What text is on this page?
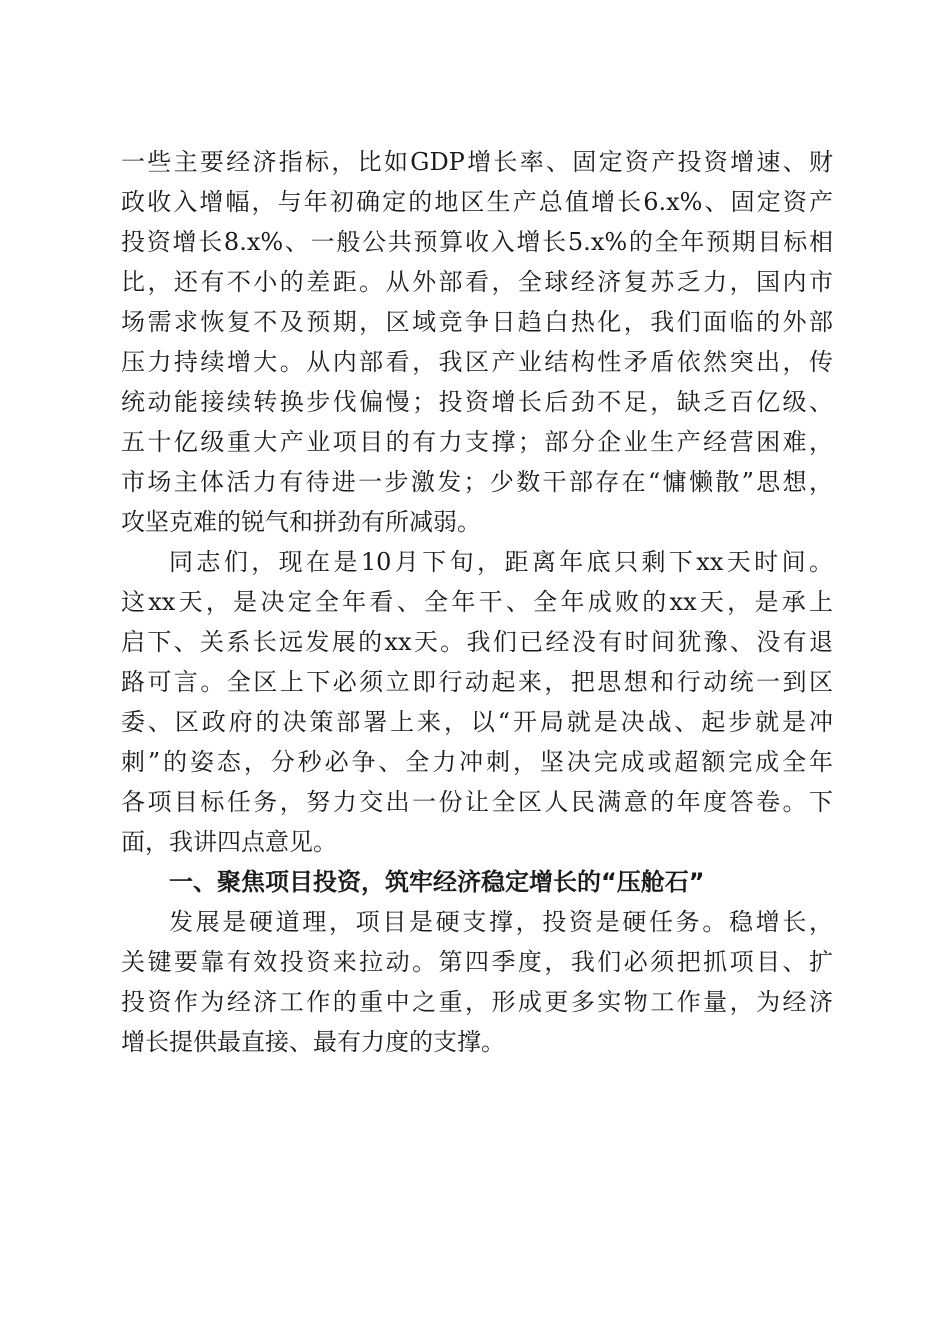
一些主要经济指标，比如GDP增长率、固定资产投资增速、财
政收入增幅，与年初确定的地区生产总值增长6.x%、固定资产
投资增长8.x%、一般公共预算收入增长5.x%的全年预期目标相
比，还有不小的差距。从外部看，全球经济复苏乏力，国内市
场需求恢复不及预期，区域竞争日趋白热化，我们面临的外部
压力持续增大。从内部看，我区产业结构性矛盾依然突出，传
统动能接续转换步伐偏慢；投资增长后劲不足，缺乏百亿级、
五十亿级重大产业项目的有力支撑；部分企业生产经营困难，
市场主体活力有待进一步激发；少数干部存在“慵懒散”思想，
攻坚克难的锐气和拼劲有所减弱。
同志们，现在是10月下旬，距离年底只剩下xx天时间。
这xx天，是决定全年看、全年干、全年成败的xx天，是承上
启下、关系长远发展的xx天。我们已经没有时间犹豫、没有退
路可言。全区上下必须立即行动起来，把思想和行动统一到区
委、区政府的决策部署上来，以“开局就是决战、起步就是冲
刺”的姿态，分秒必争、全力冲刺，坚决完成或超额完成全年
各项目标任务，努力交出一份让全区人民满意的年度答卷。下
面，我讲四点意见。
一、聚焦项目投资，筑牢经济稳定增长的“压舱石”
发展是硬道理，项目是硬支撑，投资是硬任务。稳增长，
关键要靠有效投资来拉动。第四季度，我们必须把抓项目、扩
投资作为经济工作的重中之重，形成更多实物工作量，为经济
增长提供最直接、最有力度的支撑。
